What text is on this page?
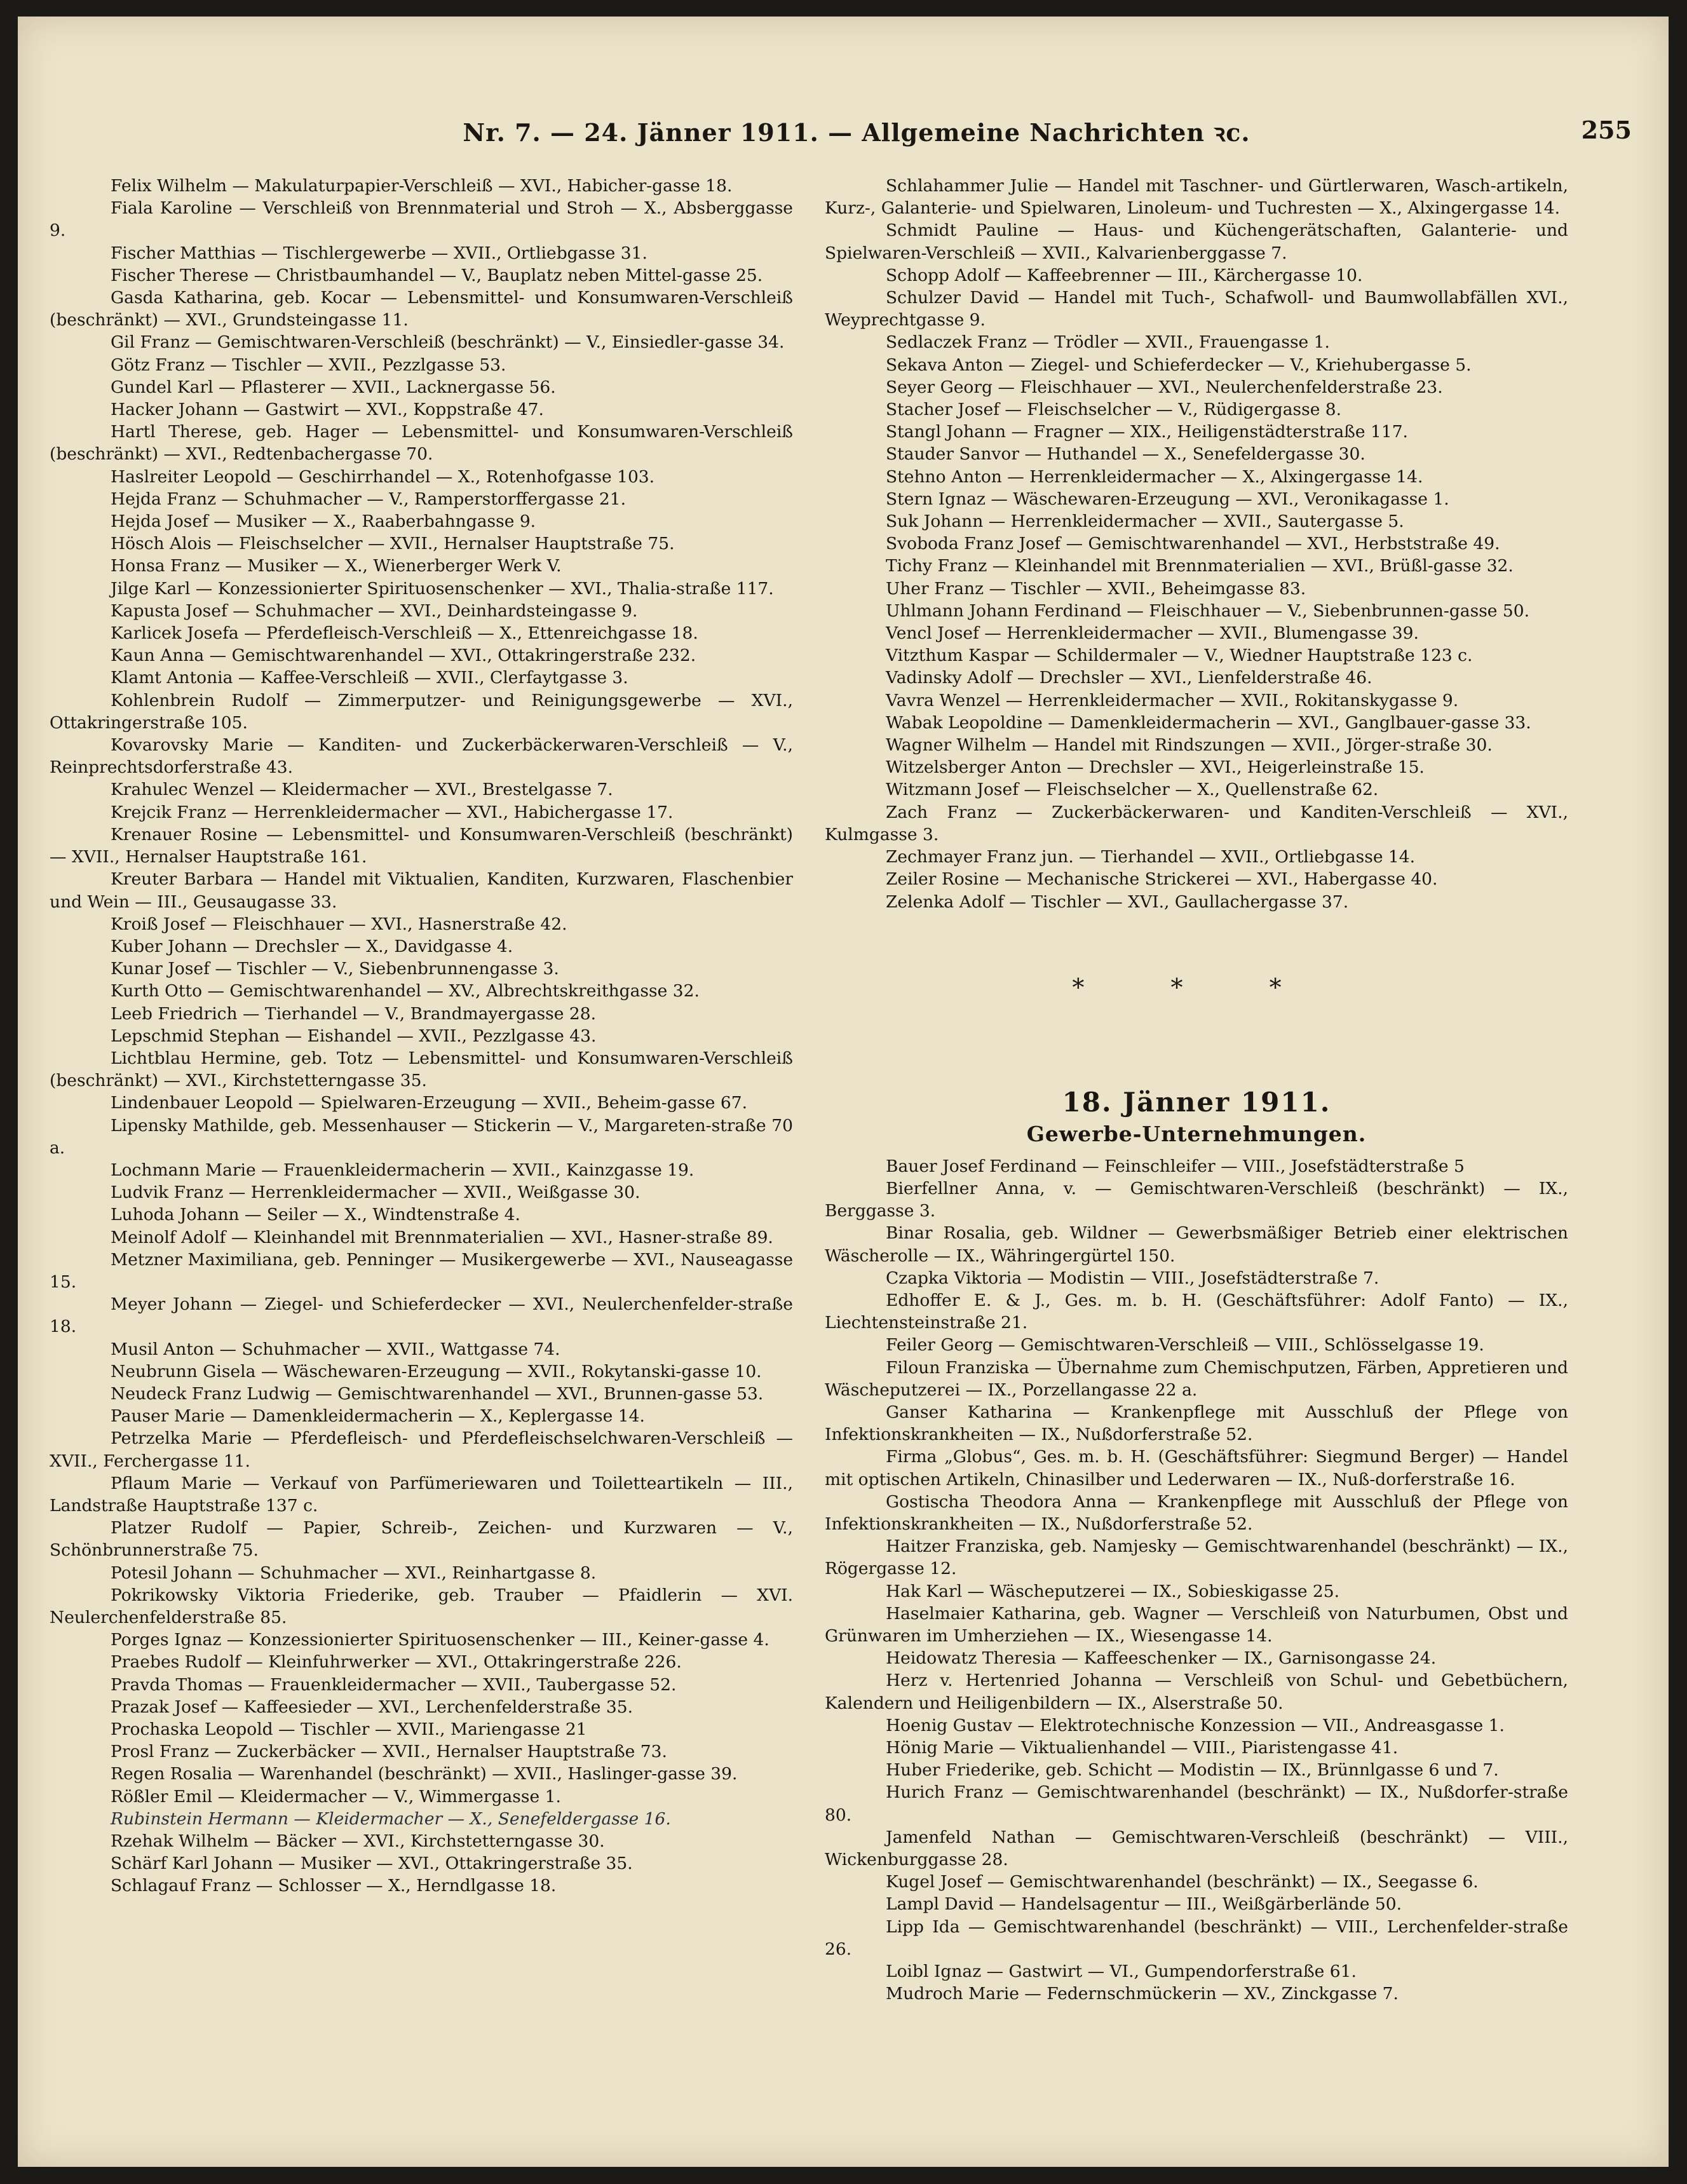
Nr. 7. — 24. Jänner 1911. — Allgemeine Nachrichten ꝛc.	255

Felix Wilhelm — Makulaturpapier-Verschleiß — XVI., Habicher-gasse 18.

Fiala Karoline — Verschleiß von Brennmaterial und Stroh — X., Absberggasse 9.

Fischer Matthias — Tischlergewerbe — XVII., Ortliebgasse 31.

Fischer Therese — Christbaumhandel — V., Bauplatz neben Mittel-gasse 25.

Gasda Katharina, geb. Kocar — Lebensmittel- und Konsumwaren-Verschleiß (beschränkt) — XVI., Grundsteingasse 11.

Gil Franz — Gemischtwaren-Verschleiß (beschränkt) — V., Einsiedler-gasse 34.

Götz Franz — Tischler — XVII., Pezzlgasse 53.

Gundel Karl — Pflasterer — XVII., Lacknergasse 56.

Hacker Johann — Gastwirt — XVI., Koppstraße 47.

Hartl Therese, geb. Hager — Lebensmittel- und Konsumwaren-Verschleiß (beschränkt) — XVI., Redtenbachergasse 70.

Haslreiter Leopold — Geschirrhandel — X., Rotenhofgasse 103.

Hejda Franz — Schuhmacher — V., Ramperstorffergasse 21.

Hejda Josef — Musiker — X., Raaberbahngasse 9.

Hösch Alois — Fleischselcher — XVII., Hernalser Hauptstraße 75.

Honsa Franz — Musiker — X., Wienerberger Werk V.

Jilge Karl — Konzessionierter Spirituosenschenker — XVI., Thalia-straße 117.

Kapusta Josef — Schuhmacher — XVI., Deinhardsteingasse 9.

Karlicek Josefa — Pferdefleisch-Verschleiß — X., Ettenreichgasse 18.

Kaun Anna — Gemischtwarenhandel — XVI., Ottakringerstraße 232.

Klamt Antonia — Kaffee-Verschleiß — XVII., Clerfaytgasse 3.

Kohlenbrein Rudolf — Zimmerputzer- und Reinigungsgewerbe — XVI., Ottakringerstraße 105.

Kovarovsky Marie — Kanditen- und Zuckerbäckerwaren-Verschleiß — V., Reinprechtsdorferstraße 43.

Krahulec Wenzel — Kleidermacher — XVI., Brestelgasse 7.

Krejcik Franz — Herrenkleidermacher — XVI., Habichergasse 17.

Krenauer Rosine — Lebensmittel- und Konsumwaren-Verschleiß (beschränkt) — XVII., Hernalser Hauptstraße 161.

Kreuter Barbara — Handel mit Viktualien, Kanditen, Kurzwaren, Flaschenbier und Wein — III., Geusaugasse 33.

Kroiß Josef — Fleischhauer — XVI., Hasnerstraße 42.

Kuber Johann — Drechsler — X., Davidgasse 4.

Kunar Josef — Tischler — V., Siebenbrunnengasse 3.

Kurth Otto — Gemischtwarenhandel — XV., Albrechtskreithgasse 32.

Leeb Friedrich — Tierhandel — V., Brandmayergasse 28.

Lepschmid Stephan — Eishandel — XVII., Pezzlgasse 43.

Lichtblau Hermine, geb. Totz — Lebensmittel- und Konsumwaren-Verschleiß (beschränkt) — XVI., Kirchstetterngasse 35.

Lindenbauer Leopold — Spielwaren-Erzeugung — XVII., Beheim-gasse 67.

Lipensky Mathilde, geb. Messenhauser — Stickerin — V., Margareten-straße 70 a.

Lochmann Marie — Frauenkleidermacherin — XVII., Kainzgasse 19.

Ludvik Franz — Herrenkleidermacher — XVII., Weißgasse 30.

Luhoda Johann — Seiler — X., Windtenstraße 4.

Meinolf Adolf — Kleinhandel mit Brennmaterialien — XVI., Hasner-straße 89.

Metzner Maximiliana, geb. Penninger — Musikergewerbe — XVI., Nauseagasse 15.

Meyer Johann — Ziegel- und Schieferdecker — XVI., Neulerchenfelder-straße 18.

Musil Anton — Schuhmacher — XVII., Wattgasse 74.

Neubrunn Gisela — Wäschewaren-Erzeugung — XVII., Rokytanski-gasse 10.

Neudeck Franz Ludwig — Gemischtwarenhandel — XVI., Brunnen-gasse 53.

Pauser Marie — Damenkleidermacherin — X., Keplergasse 14.

Petrzelka Marie — Pferdefleisch- und Pferdefleischselchwaren-Verschleiß — XVII., Ferchergasse 11.

Pflaum Marie — Verkauf von Parfümeriewaren und Toiletteartikeln — III., Landstraße Hauptstraße 137 c.

Platzer Rudolf — Papier, Schreib-, Zeichen- und Kurzwaren — V., Schönbrunnerstraße 75.

Potesil Johann — Schuhmacher — XVI., Reinhartgasse 8.

Pokrikowsky Viktoria Friederike, geb. Trauber — Pfaidlerin — XVI. Neulerchenfelderstraße 85.

Porges Ignaz — Konzessionierter Spirituosenschenker — III., Keiner-gasse 4.

Praebes Rudolf — Kleinfuhrwerker — XVI., Ottakringerstraße 226.

Pravda Thomas — Frauenkleidermacher — XVII., Taubergasse 52.

Prazak Josef — Kaffeesieder — XVI., Lerchenfelderstraße 35.

Prochaska Leopold — Tischler — XVII., Mariengasse 21

Prosl Franz — Zuckerbäcker — XVII., Hernalser Hauptstraße 73.

Regen Rosalia — Warenhandel (beschränkt) — XVII., Haslinger-gasse 39.

Rößler Emil — Kleidermacher — V., Wimmergasse 1.

Rubinstein Hermann — Kleidermacher — X., Senefeldergasse 16.

Rzehak Wilhelm — Bäcker — XVI., Kirchstetterngasse 30.

Schärf Karl Johann — Musiker — XVI., Ottakringerstraße 35.

Schlagauf Franz — Schlosser — X., Herndlgasse 18.

Schlahammer Julie — Handel mit Taschner- und Gürtlerwaren, Wasch-artikeln, Kurz-, Galanterie- und Spielwaren, Linoleum- und Tuchresten — X., Alxingergasse 14.

Schmidt Pauline — Haus- und Küchengerätschaften, Galanterie- und Spielwaren-Verschleiß — XVII., Kalvarienberggasse 7.

Schopp Adolf — Kaffeebrenner — III., Kärchergasse 10.

Schulzer David — Handel mit Tuch-, Schafwoll- und Baumwollabfällen XVI., Weyprechtgasse 9.

Sedlaczek Franz — Trödler — XVII., Frauengasse 1.

Sekava Anton — Ziegel- und Schieferdecker — V., Kriehubergasse 5.

Seyer Georg — Fleischhauer — XVI., Neulerchenfelderstraße 23.

Stacher Josef — Fleischselcher — V., Rüdigergasse 8.

Stangl Johann — Fragner — XIX., Heiligenstädterstraße 117.

Stauder Sanvor — Huthandel — X., Senefeldergasse 30.

Stehno Anton — Herrenkleidermacher — X., Alxingergasse 14.

Stern Ignaz — Wäschewaren-Erzeugung — XVI., Veronikagasse 1.

Suk Johann — Herrenkleidermacher — XVII., Sautergasse 5.

Svoboda Franz Josef — Gemischtwarenhandel — XVI., Herbststraße 49.

Tichy Franz — Kleinhandel mit Brennmaterialien — XVI., Brüßl-gasse 32.

Uher Franz — Tischler — XVII., Beheimgasse 83.

Uhlmann Johann Ferdinand — Fleischhauer — V., Siebenbrunnen-gasse 50.

Vencl Josef — Herrenkleidermacher — XVII., Blumengasse 39.

Vitzthum Kaspar — Schildermaler — V., Wiedner Hauptstraße 123 c.

Vadinsky Adolf — Drechsler — XVI., Lienfelderstraße 46.

Vavra Wenzel — Herrenkleidermacher — XVII., Rokitanskygasse 9.

Wabak Leopoldine — Damenkleidermacherin — XVI., Ganglbauer-gasse 33.

Wagner Wilhelm — Handel mit Rindszungen — XVII., Jörger-straße 30.

Witzelsberger Anton — Drechsler — XVI., Heigerleinstraße 15.

Witzmann Josef — Fleischselcher — X., Quellenstraße 62.

Zach Franz — Zuckerbäckerwaren- und Kanditen-Verschleiß — XVI., Kulmgasse 3.

Zechmayer Franz jun. — Tierhandel — XVII., Ortliebgasse 14.

Zeiler Rosine — Mechanische Strickerei — XVI., Habergasse 40.

Zelenka Adolf — Tischler — XVI., Gaullachergasse 37.

* * *
18. Jänner 1911.
Gewerbe-Unternehmungen.

Bauer Josef Ferdinand — Feinschleifer — VIII., Josefstädterstraße 5

Bierfellner Anna, v. — Gemischtwaren-Verschleiß (beschränkt) — IX., Berggasse 3.

Binar Rosalia, geb. Wildner — Gewerbsmäßiger Betrieb einer elektrischen Wäscherolle — IX., Währingergürtel 150.

Czapka Viktoria — Modistin — VIII., Josefstädterstraße 7.

Edhoffer E. & J., Ges. m. b. H. (Geschäftsführer: Adolf Fanto) — IX., Liechtensteinstraße 21.

Feiler Georg — Gemischtwaren-Verschleiß — VIII., Schlösselgasse 19.

Filoun Franziska — Übernahme zum Chemischputzen, Färben, Appretieren und Wäscheputzerei — IX., Porzellangasse 22 a.

Ganser Katharina — Krankenpflege mit Ausschluß der Pflege von Infektionskrankheiten — IX., Nußdorferstraße 52.

Firma „Globus“, Ges. m. b. H. (Geschäftsführer: Siegmund Berger) — Handel mit optischen Artikeln, Chinasilber und Lederwaren — IX., Nuß-dorferstraße 16.

Gostischa Theodora Anna — Krankenpflege mit Ausschluß der Pflege von Infektionskrankheiten — IX., Nußdorferstraße 52.

Haitzer Franziska, geb. Namjesky — Gemischtwarenhandel (beschränkt) — IX., Rögergasse 12.

Hak Karl — Wäscheputzerei — IX., Sobieskigasse 25.

Haselmaier Katharina, geb. Wagner — Verschleiß von Naturbumen, Obst und Grünwaren im Umherziehen — IX., Wiesengasse 14.

Heidowatz Theresia — Kaffeeschenker — IX., Garnisongasse 24.

Herz v. Hertenried Johanna — Verschleiß von Schul- und Gebetbüchern, Kalendern und Heiligenbildern — IX., Alserstraße 50.

Hoenig Gustav — Elektrotechnische Konzession — VII., Andreasgasse 1.

Hönig Marie — Viktualienhandel — VIII., Piaristengasse 41.

Huber Friederike, geb. Schicht — Modistin — IX., Brünnlgasse 6 und 7.

Hurich Franz — Gemischtwarenhandel (beschränkt) — IX., Nußdorfer-straße 80.

Jamenfeld Nathan — Gemischtwaren-Verschleiß (beschränkt) — VIII., Wickenburggasse 28.

Kugel Josef — Gemischtwarenhandel (beschränkt) — IX., Seegasse 6.

Lampl David — Handelsagentur — III., Weißgärberlände 50.

Lipp Ida — Gemischtwarenhandel (beschränkt) — VIII., Lerchenfelder-straße 26.

Loibl Ignaz — Gastwirt — VI., Gumpendorferstraße 61.

Mudroch Marie — Federnschmückerin — XV., Zinckgasse 7.
